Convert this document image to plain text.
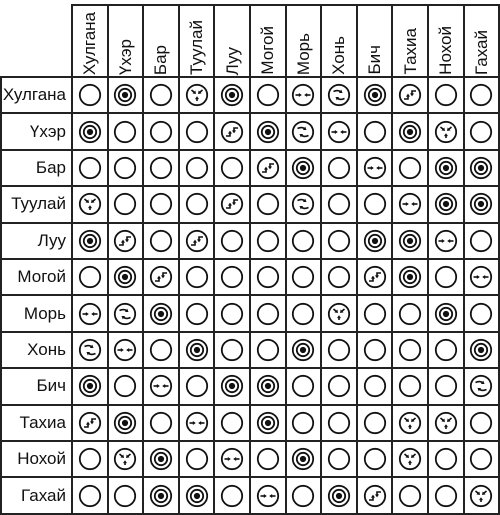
Хулгана Үхэр Бар Туулай Луу Могой Морь Хонь Бич Тахиа Нохой Гахай
Хулгана
Үхэр
Бар
Туулай
Луу
Могой
Морь
Хонь
Бич
Тахиа
Нохой
Гахай
